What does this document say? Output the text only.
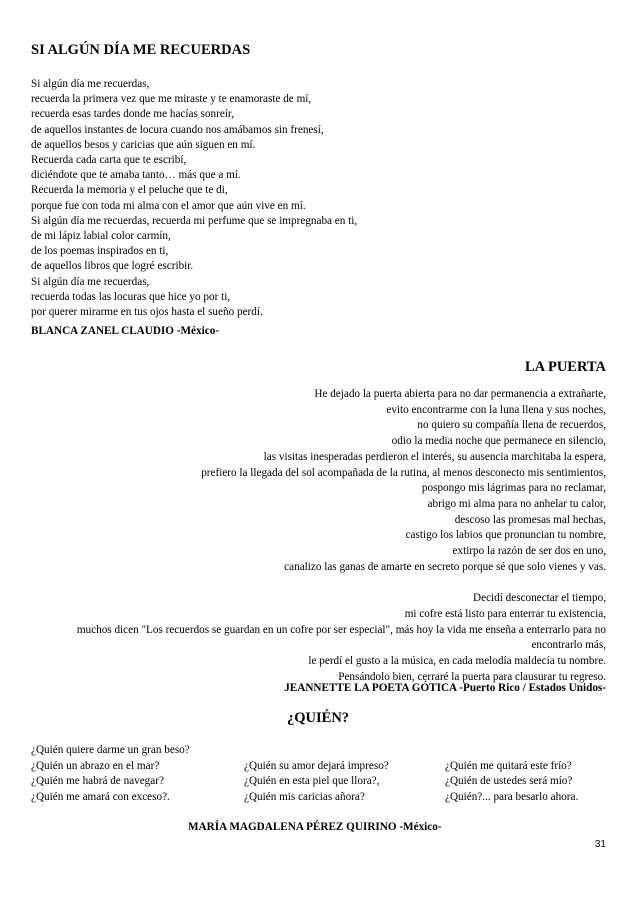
SI ALGÚN DÍA ME RECUERDAS
Si algún día me recuerdas,
recuerda la primera vez que me miraste y te enamoraste de mí,
recuerda esas tardes donde me hacías sonreír,
de aquellos instantes de locura cuando nos amábamos sin frenesí,
de aquellos besos y caricias que aún siguen en mí.
Recuerda cada carta que te escribí,
diciéndote que te amaba tanto… más que a mí.
Recuerda la memoria y el peluche que te di,
porque fue con toda mi alma con el amor que aún vive en mí.
Si algún día me recuerdas, recuerda mi perfume que se impregnaba en ti,
de mi lápiz labial color carmín,
de los poemas inspirados en ti,
de aquellos libros que logré escribir.
Si algún día me recuerdas,
recuerda todas las locuras que hice yo por ti,
por querer mirarme en tus ojos hasta el sueño perdí.
BLANCA ZANEL CLAUDIO -México-
LA PUERTA
He dejado la puerta abierta para no dar permanencia a extrañarte,
evito encontrarme con la luna llena y sus noches,
no quiero su compañía llena de recuerdos,
odio la media noche que permanece en silencio,
las visitas inesperadas perdieron el interés, su ausencia marchitaba la espera,
prefiero la llegada del sol acompañada de la rutina, al menos desconecto mis sentimientos,
pospongo mis lágrimas para no reclamar,
abrigo mi alma para no anhelar tu calor,
descoso las promesas mal hechas,
castigo los labios que pronuncian tu nombre,
extirpo la razón de ser dos en uno,
canalizo las ganas de amarte en secreto porque sé que solo vienes y vas.
Decidí desconectar el tiempo,
mi cofre está listo para enterrar tu existencia,
muchos dicen "Los recuerdos se guardan en un cofre por ser especial", más hoy la vida me enseña a enterrarlo para no
encontrarlo más,
le perdí el gusto a la música, en cada melodía maldecía tu nombre.
Pensándolo bien, cerraré la puerta para clausurar tu regreso.
JEANNETTE LA POETA GÓTICA -Puerto Rico / Estados Unidos-
¿QUIÉN?
¿Quién quiere darme un gran beso?
¿Quién un abrazo en el mar?	¿Quién su amor dejará impreso?	¿Quién me quitará este frío?
¿Quién me habrá de navegar?	¿Quién en esta piel que llora?,	¿Quién de ustedes será mío?
¿Quién me amará con exceso?.	¿Quién mis caricias añora?	¿Quién?... para besarlo ahora.
MARÍA MAGDALENA PÉREZ QUIRINO -México-
31
